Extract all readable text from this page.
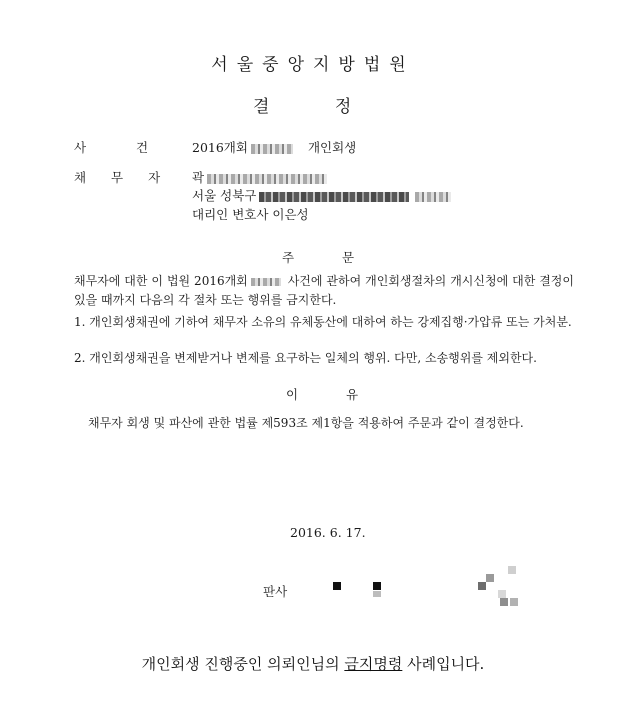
서울중앙지방법원
결 정
사 건	2016개회	개인회생
채 무 자	곽
서울 성북구
대리인 변호사 이은성
주 문
채무자에 대한 이 법원 2016개회	사건에 관하여 개인회생절차의 개시신청에 대한 결정이 있을 때까지 다음의 각 절차 또는 행위를 금지한다.
1. 개인회생채권에 기하여 채무자 소유의 유체동산에 대하여 하는 강제집행·가압류 또는 가처분.
2. 개인회생채권을 변제받거나 변제를 요구하는 일체의 행위. 다만, 소송행위를 제외한다.
이 유
채무자 회생 및 파산에 관한 법률 제593조 제1항을 적용하여 주문과 같이 결정한다.
2016. 6. 17.
판사
개인회생 진행중인 의뢰인님의 금지명령 사례입니다.
